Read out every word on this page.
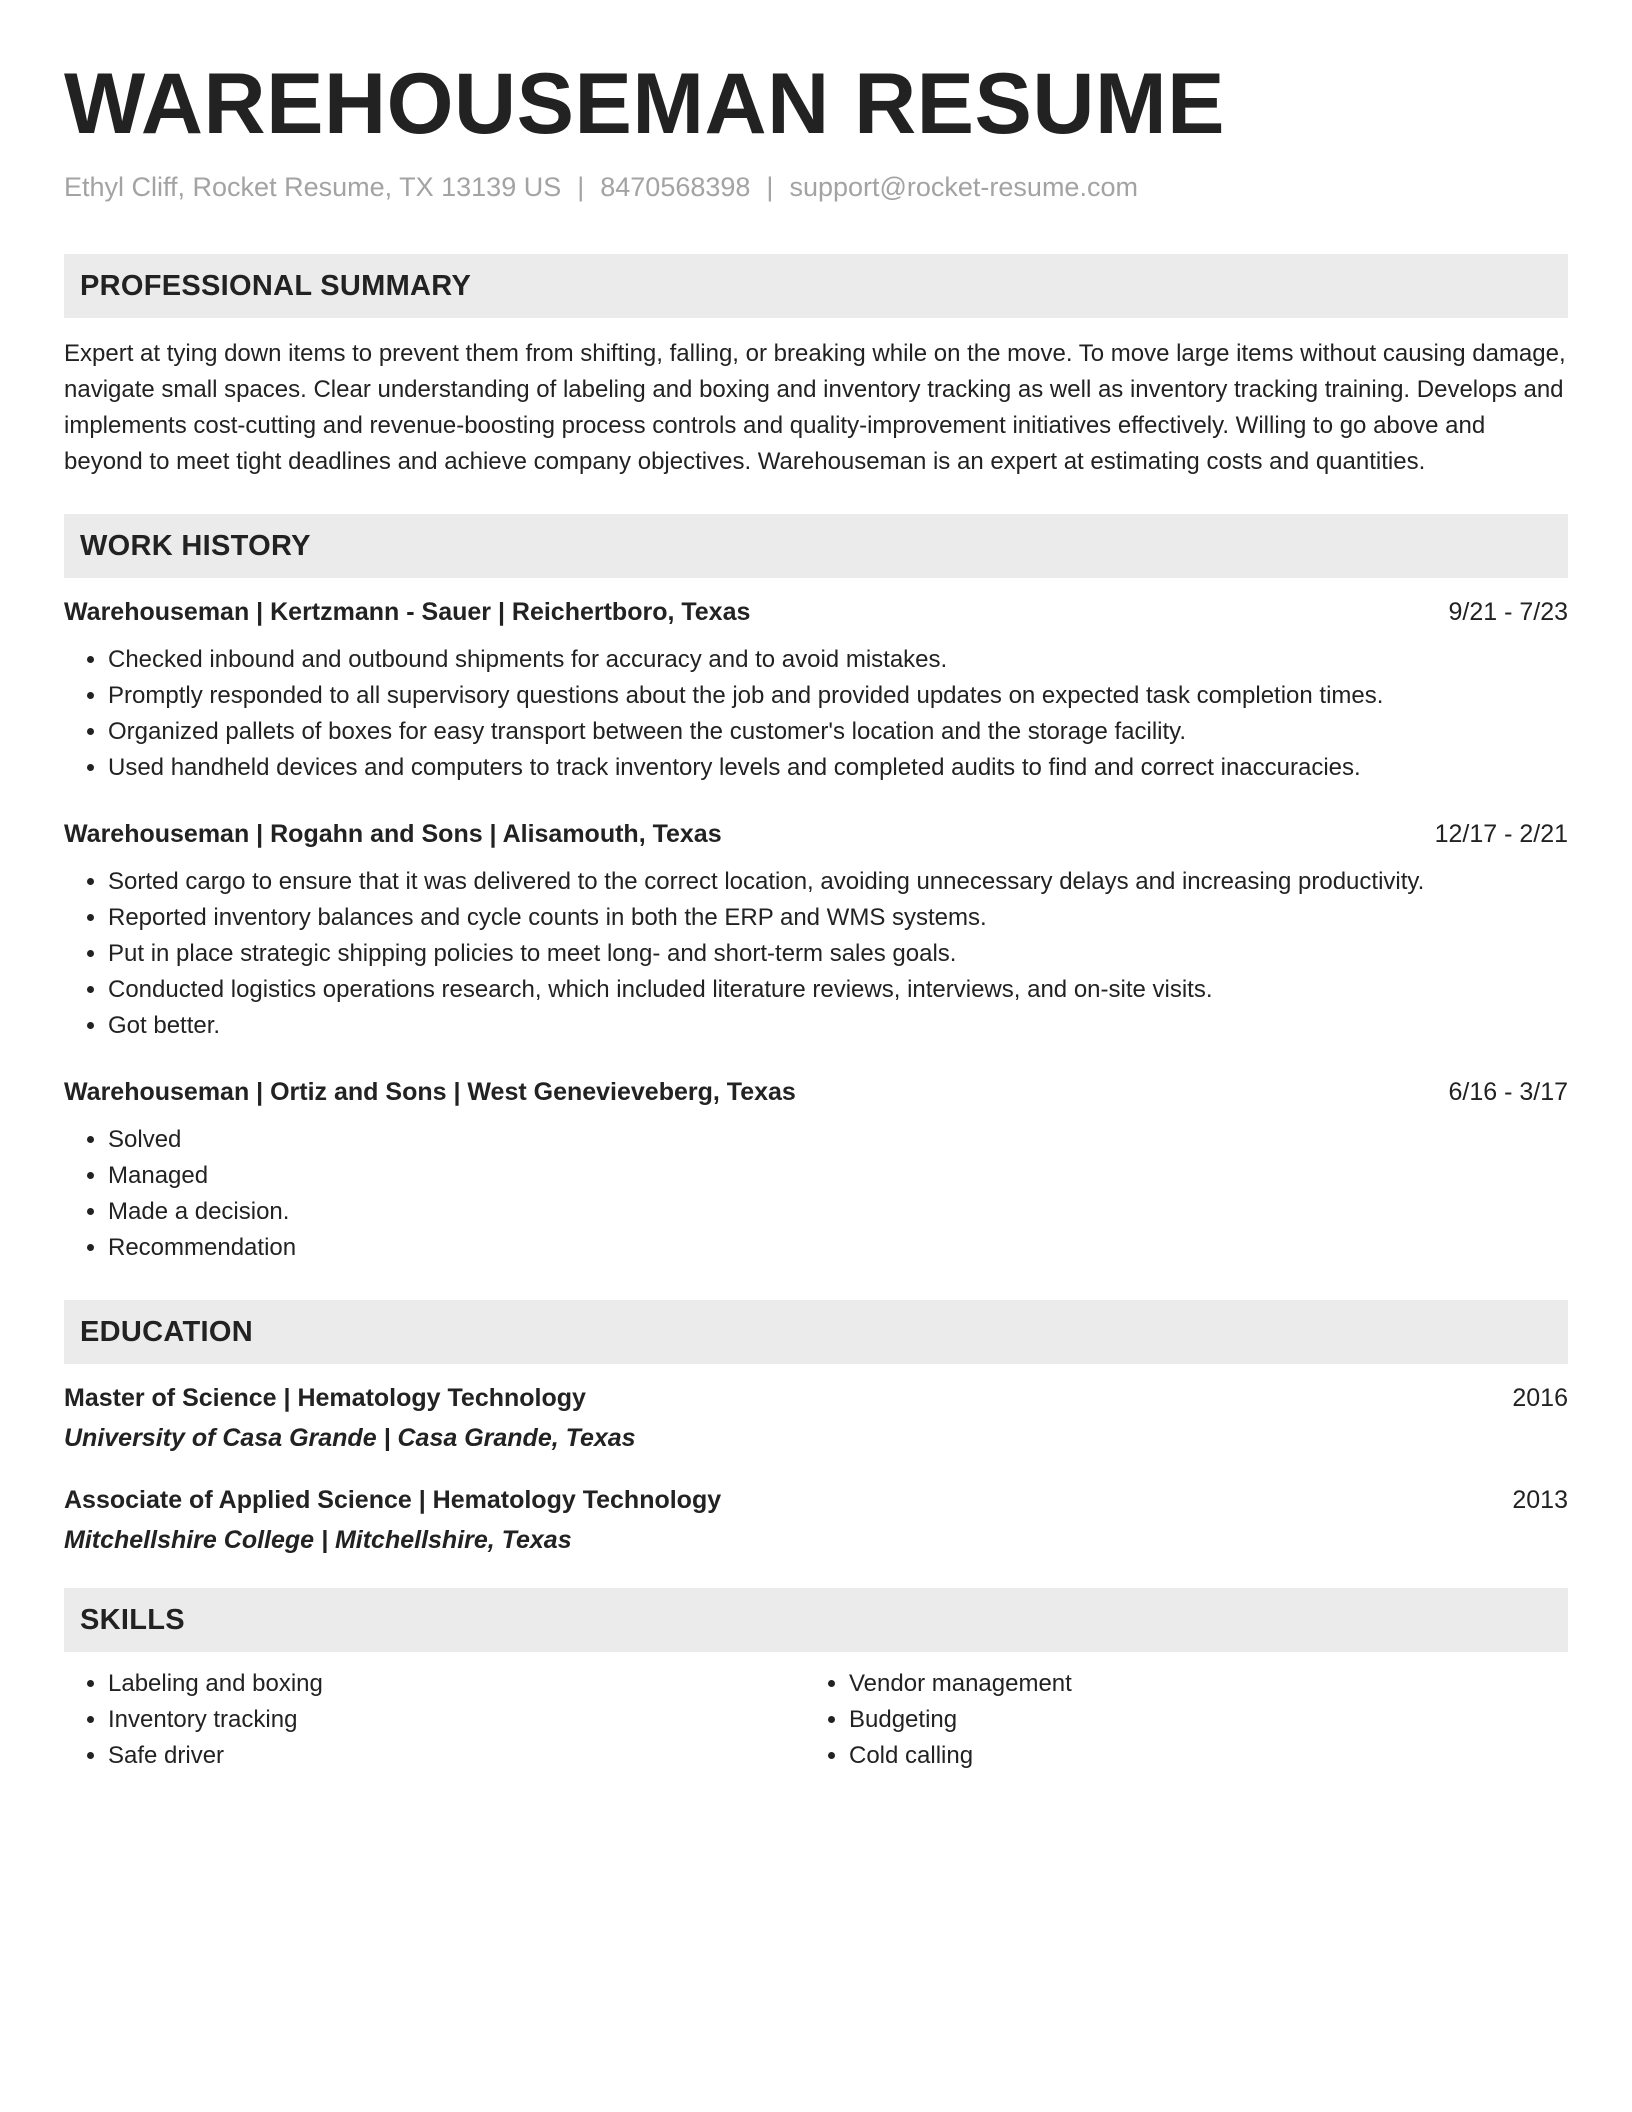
WAREHOUSEMAN RESUME
Ethyl Cliff, Rocket Resume, TX 13139 US | 8470568398 | support@rocket-resume.com
PROFESSIONAL SUMMARY

Expert at tying down items to prevent them from shifting, falling, or breaking while on the move. To move large items without causing damage, navigate small spaces. Clear understanding of labeling and boxing and inventory tracking as well as inventory tracking training. Develops and implements cost-cutting and revenue-boosting process controls and quality-improvement initiatives effectively. Willing to go above and beyond to meet tight deadlines and achieve company objectives. Warehouseman is an expert at estimating costs and quantities.

WORK HISTORY
Warehouseman | Kertzmann - Sauer | Reichertboro, Texas	9/21 - 7/23
• Checked inbound and outbound shipments for accuracy and to avoid mistakes.
• Promptly responded to all supervisory questions about the job and provided updates on expected task completion times.
• Organized pallets of boxes for easy transport between the customer's location and the storage facility.
• Used handheld devices and computers to track inventory levels and completed audits to find and correct inaccuracies.
Warehouseman | Rogahn and Sons | Alisamouth, Texas	12/17 - 2/21
• Sorted cargo to ensure that it was delivered to the correct location, avoiding unnecessary delays and increasing productivity.
• Reported inventory balances and cycle counts in both the ERP and WMS systems.
• Put in place strategic shipping policies to meet long- and short-term sales goals.
• Conducted logistics operations research, which included literature reviews, interviews, and on-site visits.
• Got better.
Warehouseman | Ortiz and Sons | West Genevieveberg, Texas	6/16 - 3/17
• Solved
• Managed
• Made a decision.
• Recommendation
EDUCATION
Master of Science | Hematology Technology	2016
University of Casa Grande | Casa Grande, Texas
Associate of Applied Science | Hematology Technology	2013
Mitchellshire College | Mitchellshire, Texas
SKILLS
• Labeling and boxing
• Inventory tracking
• Safe driver
• Vendor management
• Budgeting
• Cold calling
